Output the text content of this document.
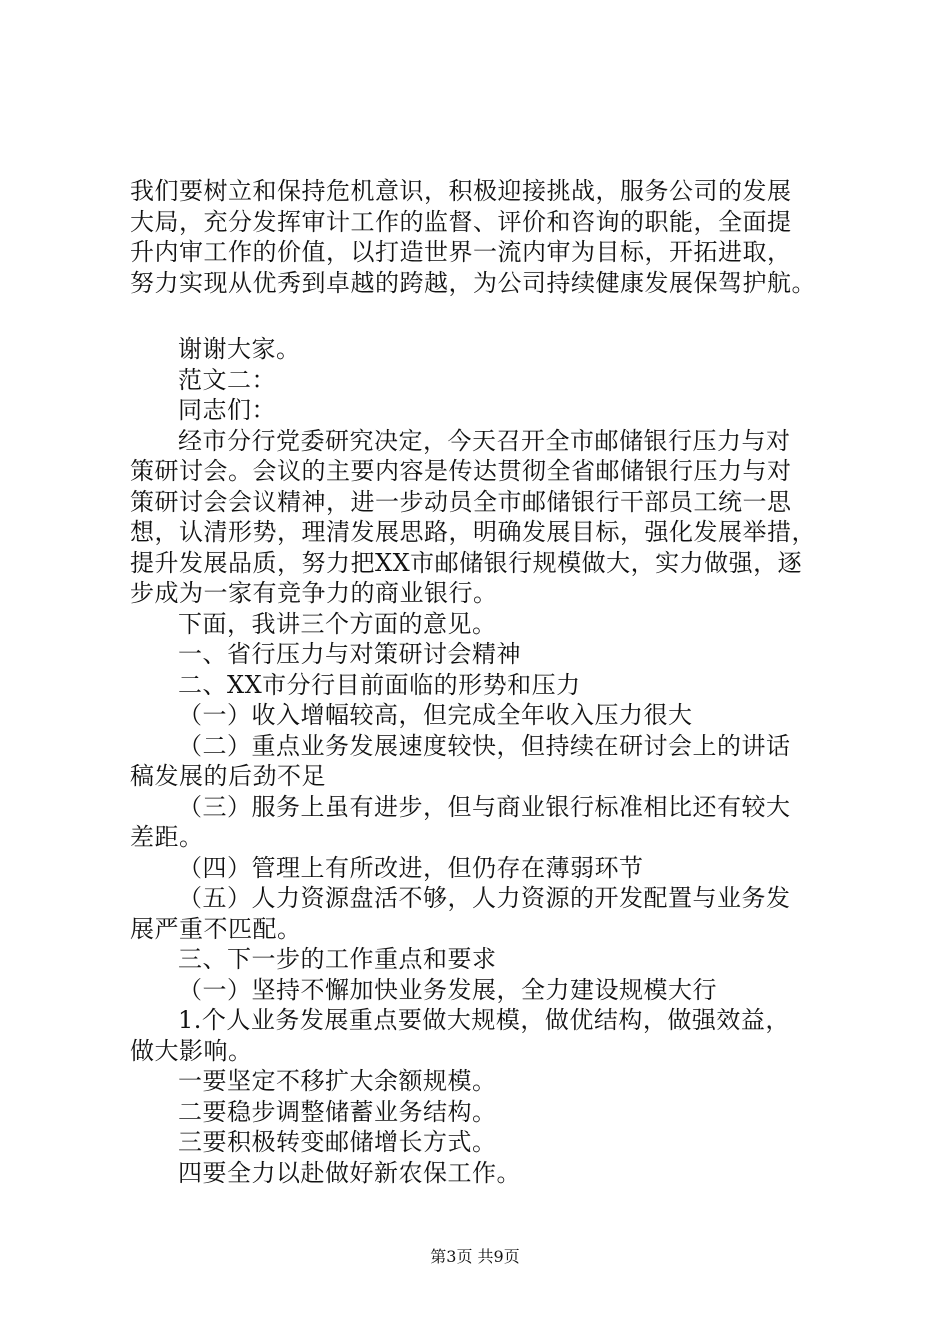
我们要树立和保持危机意识，积极迎接挑战，服务公司的发展
大局，充分发挥审计工作的监督、评价和咨询的职能，全面提
升内审工作的价值，以打造世界一流内审为目标，开拓进取，
努力实现从优秀到卓越的跨越，为公司持续健康发展保驾护航。
谢谢大家。
范文二：
同志们：
经市分行党委研究决定，今天召开全市邮储银行压力与对
策研讨会。会议的主要内容是传达贯彻全省邮储银行压力与对
策研讨会会议精神，进一步动员全市邮储银行干部员工统一思
想，认清形势，理清发展思路，明确发展目标，强化发展举措，
提升发展品质，努力把XX市邮储银行规模做大，实力做强，逐
步成为一家有竞争力的商业银行。
下面，我讲三个方面的意见。
一、省行压力与对策研讨会精神
二、XX市分行目前面临的形势和压力
（一）收入增幅较高，但完成全年收入压力很大
（二）重点业务发展速度较快，但持续在研讨会上的讲话
稿发展的后劲不足
（三）服务上虽有进步，但与商业银行标准相比还有较大
差距。
（四）管理上有所改进，但仍存在薄弱环节
（五）人力资源盘活不够，人力资源的开发配置与业务发
展严重不匹配。
三、下一步的工作重点和要求
（一）坚持不懈加快业务发展，全力建设规模大行
1.个人业务发展重点要做大规模，做优结构，做强效益，
做大影响。
一要坚定不移扩大余额规模。
二要稳步调整储蓄业务结构。
三要积极转变邮储增长方式。
四要全力以赴做好新农保工作。
第3页 共9页
